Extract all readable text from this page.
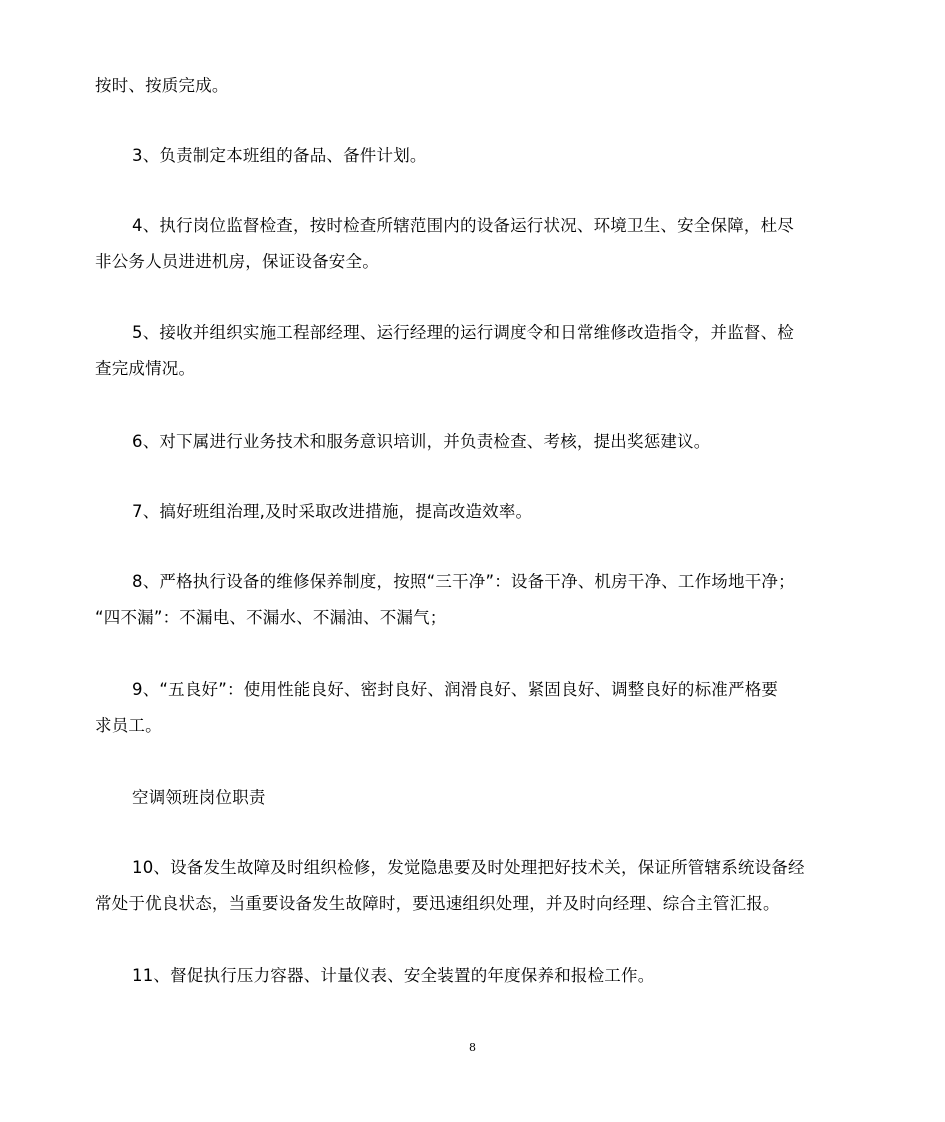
按时、按质完成。

3、负责制定本班组的备品、备件计划。

4、执行岗位监督检查，按时检查所辖范围内的设备运行状况、环境卫生、安全保障，杜尽
非公务人员进进机房，保证设备安全。

5、接收并组织实施工程部经理、运行经理的运行调度令和日常维修改造指令，并监督、检
查完成情况。

6、对下属进行业务技术和服务意识培训，并负责检查、考核，提出奖惩建议。

7、搞好班组治理,及时采取改进措施，提高改造效率。

8、严格执行设备的维修保养制度，按照“三干净”：设备干净、机房干净、工作场地干净；
“四不漏”：不漏电、不漏水、不漏油、不漏气；

9、“五良好”：使用性能良好、密封良好、润滑良好、紧固良好、调整良好的标准严格要
求员工。

空调领班岗位职责

10、设备发生故障及时组织检修，发觉隐患要及时处理把好技术关，保证所管辖系统设备经
常处于优良状态，当重要设备发生故障时，要迅速组织处理，并及时向经理、综合主管汇报。

11、督促执行压力容器、计量仪表、安全装置的年度保养和报检工作。

8
